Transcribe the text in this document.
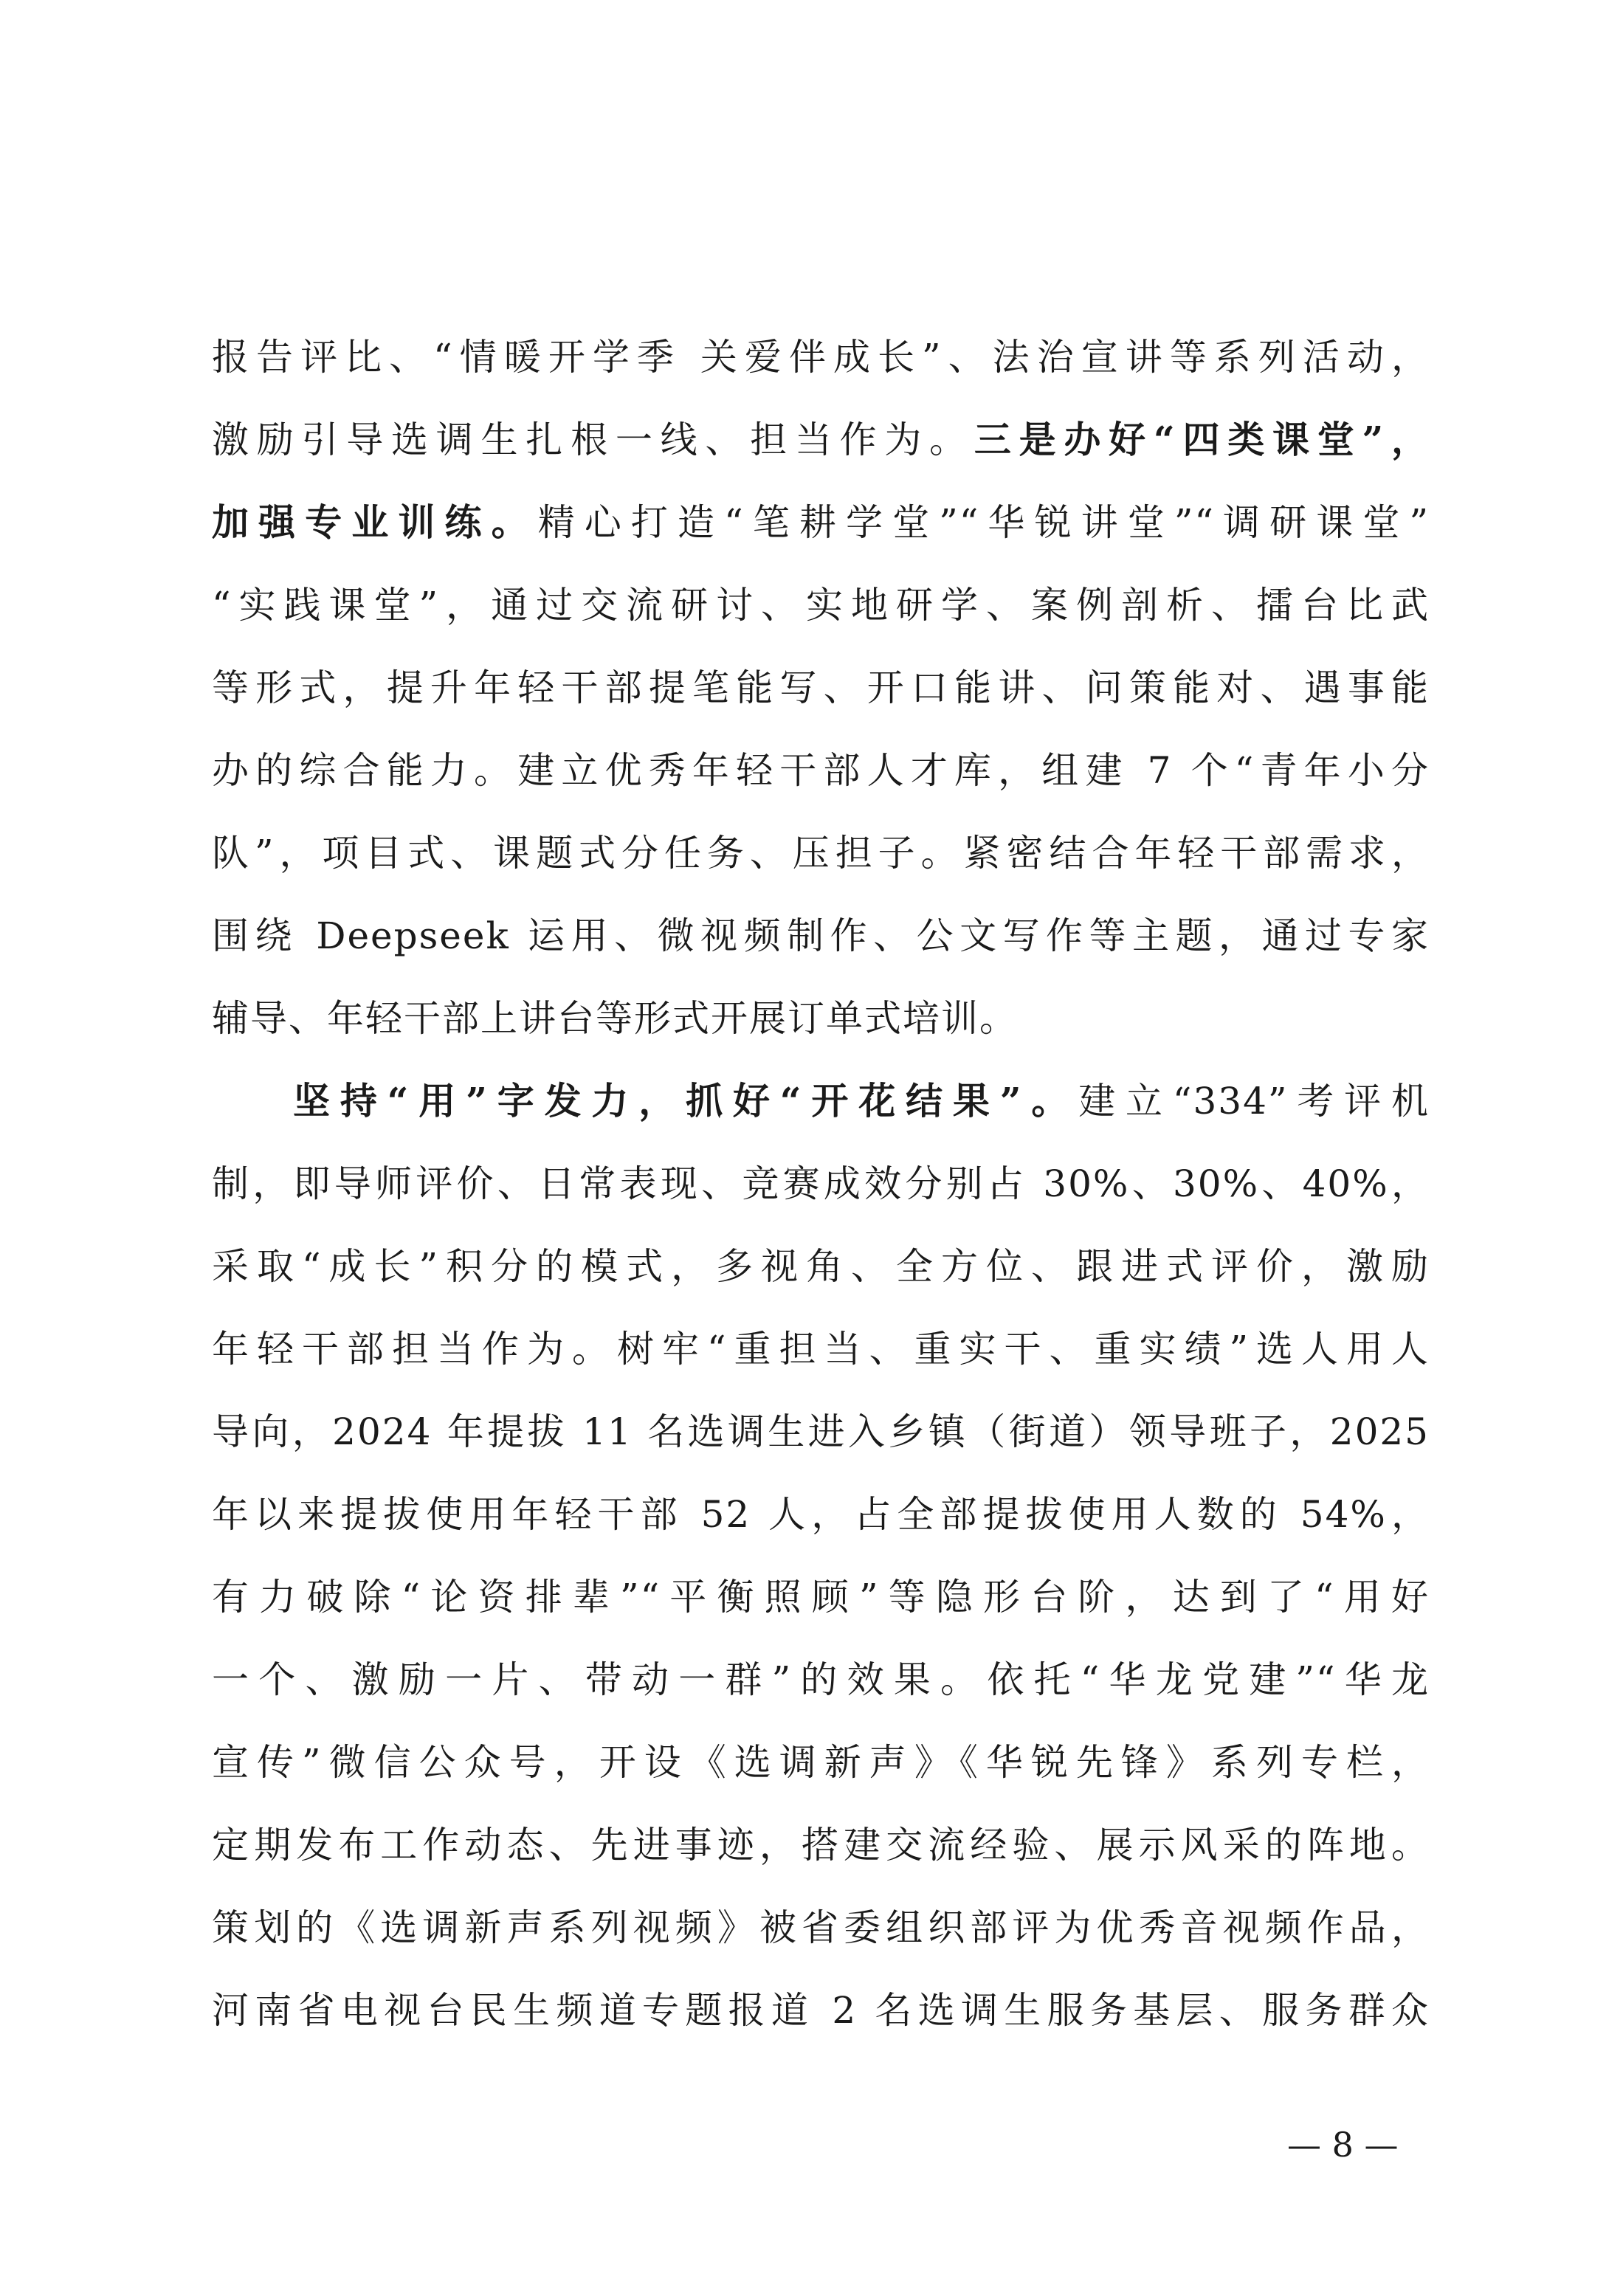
报告评比、“情暖开学季 关爱伴成长”、法治宣讲等系列活动，
激励引导选调生扎根一线、担当作为。三是办好“四类课堂”，
加强专业训练。精心打造“笔耕学堂”“华锐讲堂”“调研课堂”
“实践课堂”，通过交流研讨、实地研学、案例剖析、擂台比武
等形式，提升年轻干部提笔能写、开口能讲、问策能对、遇事能
办的综合能力。建立优秀年轻干部人才库，组建 7 个“青年小分
队”，项目式、课题式分任务、压担子。紧密结合年轻干部需求，
围绕 Deepseek 运用、微视频制作、公文写作等主题，通过专家
辅导、年轻干部上讲台等形式开展订单式培训。
坚持“用”字发力，抓好“开花结果”。建立“334”考评机
制，即导师评价、日常表现、竞赛成效分别占 30%、30%、40%，
采取“成长”积分的模式，多视角、全方位、跟进式评价，激励
年轻干部担当作为。树牢“重担当、重实干、重实绩”选人用人
导向，2024 年提拔 11 名选调生进入乡镇（街道）领导班子，2025
年以来提拔使用年轻干部 52 人，占全部提拔使用人数的 54%，
有力破除“论资排辈”“平衡照顾”等隐形台阶，达到了“用好
一个、激励一片、带动一群”的效果。依托“华龙党建”“华龙
宣传”微信公众号，开设《选调新声》《华锐先锋》系列专栏，
定期发布工作动态、先进事迹，搭建交流经验、展示风采的阵地。
策划的《选调新声系列视频》被省委组织部评为优秀音视频作品，
河南省电视台民生频道专题报道 2 名选调生服务基层、服务群众
— 8 —
